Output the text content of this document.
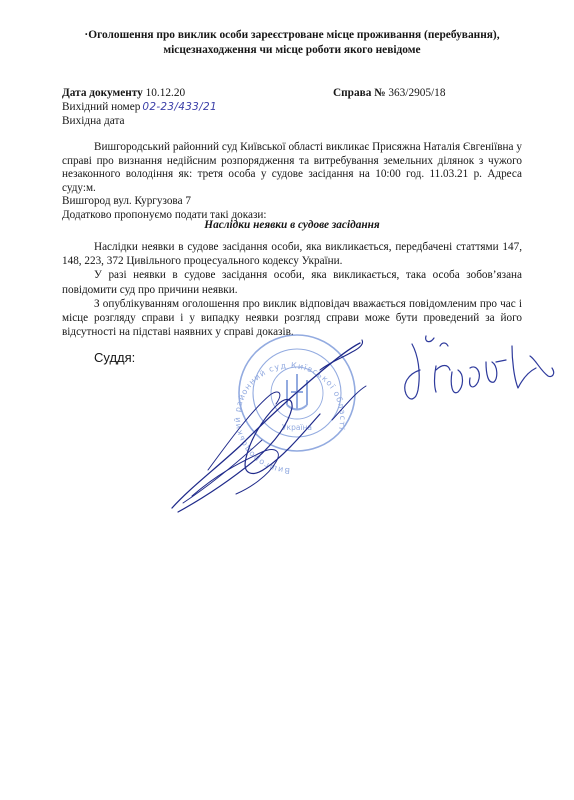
·Оголошення про виклик особи зареєстроване місце проживання (перебування),
місцезнаходження чи місце роботи якого невідоме
Дата документу 10.12.20	Справа № 363/2905/18
Вихідний номер 02-23/433/21
Вихідна дата

Вишгородський районний суд Київської області викликає Присяжна Наталія Євгеніївна у справі про визнання недійсним розпорядження та витребування земельних ділянок з чужого незаконного володіння як: третя особа у судове засідання на 10:00 год. 11.03.21 р. Адреса суду:м.

Вишгород вул. Кургузова 7

Додатково пропонуємо подати такі докази:

Наслідки неявки в судове засідання

Наслідки неявки в судове засідання особи, яка викликається, передбачені статтями 147, 148, 223, 372 Цивільного процесуального кодексу України.

У разі неявки в судове засідання особи, яка викликається, така особа зобов’язана повідомити суд про причини неявки.

З опублікуванням оголошення про виклик відповідач вважається повідомленим про час і місце розгляду справи і у випадку неявки розгляд справи може бути проведений за його відсутності на підставі наявних у справі доказів.

Суддя:
Вишгородський районний суд Київської області
Україна
